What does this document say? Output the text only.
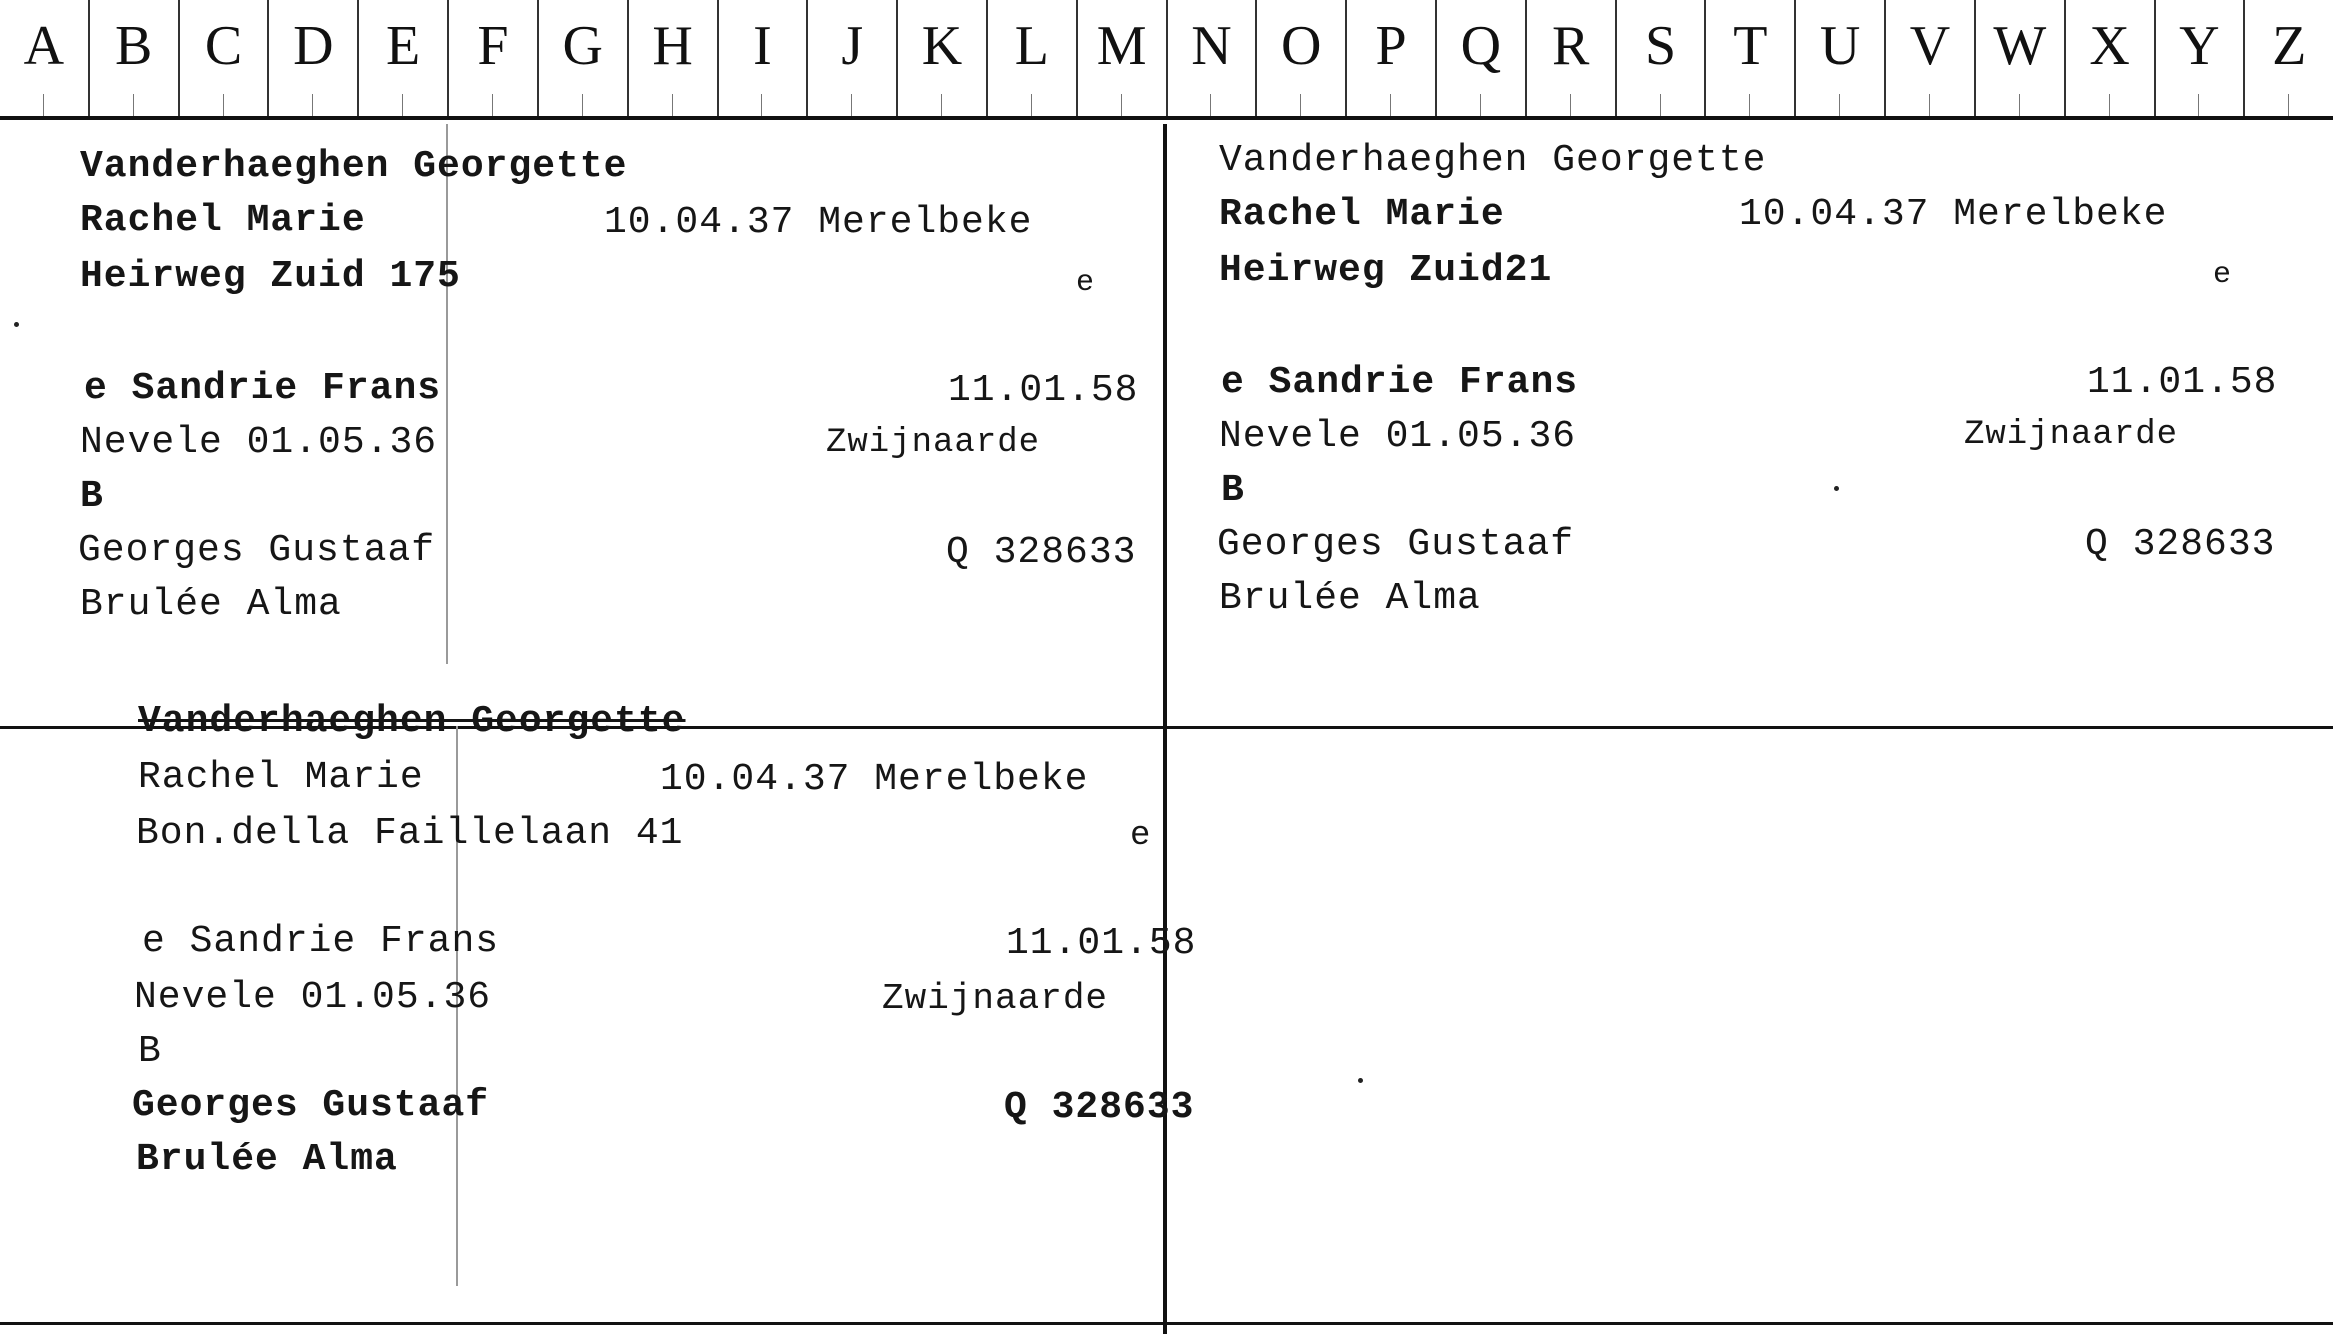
A B C D E	F G H	I	J	K L M N O P Q R S	T U V W X Y Z
Vanderhaeghen Georgette
Rachel Marie	10.04.37 Merelbeke
Heirweg Zuid 175	e
e Sandrie Frans	11.01.58
Nevele 01.05.36	Zwijnaarde
B
Georges Gustaaf	Q 328633
Brulée Alma
Vanderhaeghen Georgette
Rachel Marie	10.04.37 Merelbeke
Heirweg Zuid21	e
e Sandrie Frans	11.01.58
Nevele 01.05.36	Zwijnaarde
B
Georges Gustaaf	Q 328633
Brulée Alma
Vanderhaeghen Georgette
Rachel Marie	10.04.37 Merelbeke
Bon.della Faillelaan 41	e
e Sandrie Frans	11.01.58
Nevele 01.05.36	Zwijnaarde
B
Georges Gustaaf	Q 328633
Brulée Alma
